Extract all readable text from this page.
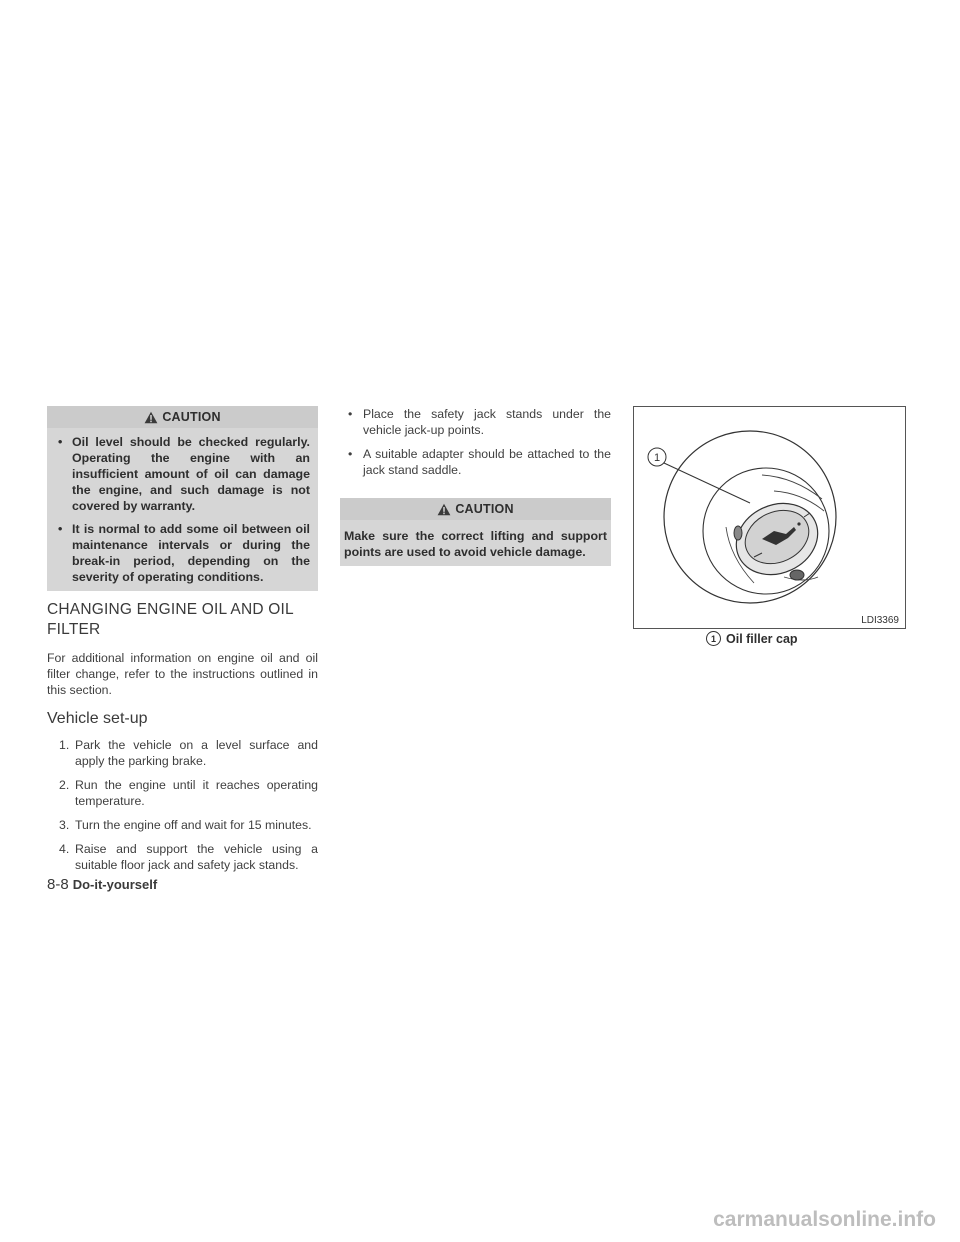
CAUTION
• Oil level should be checked regularly. Operating the engine with an insufficient amount of oil can damage the engine, and such damage is not covered by warranty.
• It is normal to add some oil between oil maintenance intervals or during the break-in period, depending on the severity of operating conditions.
CHANGING ENGINE OIL AND OIL FILTER
For additional information on engine oil and oil filter change, refer to the instructions outlined in this section.
Vehicle set-up
1. Park the vehicle on a level surface and apply the parking brake.
2. Run the engine until it reaches operating temperature.
3. Turn the engine off and wait for 15 minutes.
4. Raise and support the vehicle using a suitable floor jack and safety jack stands.
• Place the safety jack stands under the vehicle jack-up points.
• A suitable adapter should be attached to the jack stand saddle.
CAUTION
Make sure the correct lifting and support points are used to avoid vehicle damage.
1
LDI3369
1 Oil filler cap
8-8 Do-it-yourself
carmanualsonline.info
